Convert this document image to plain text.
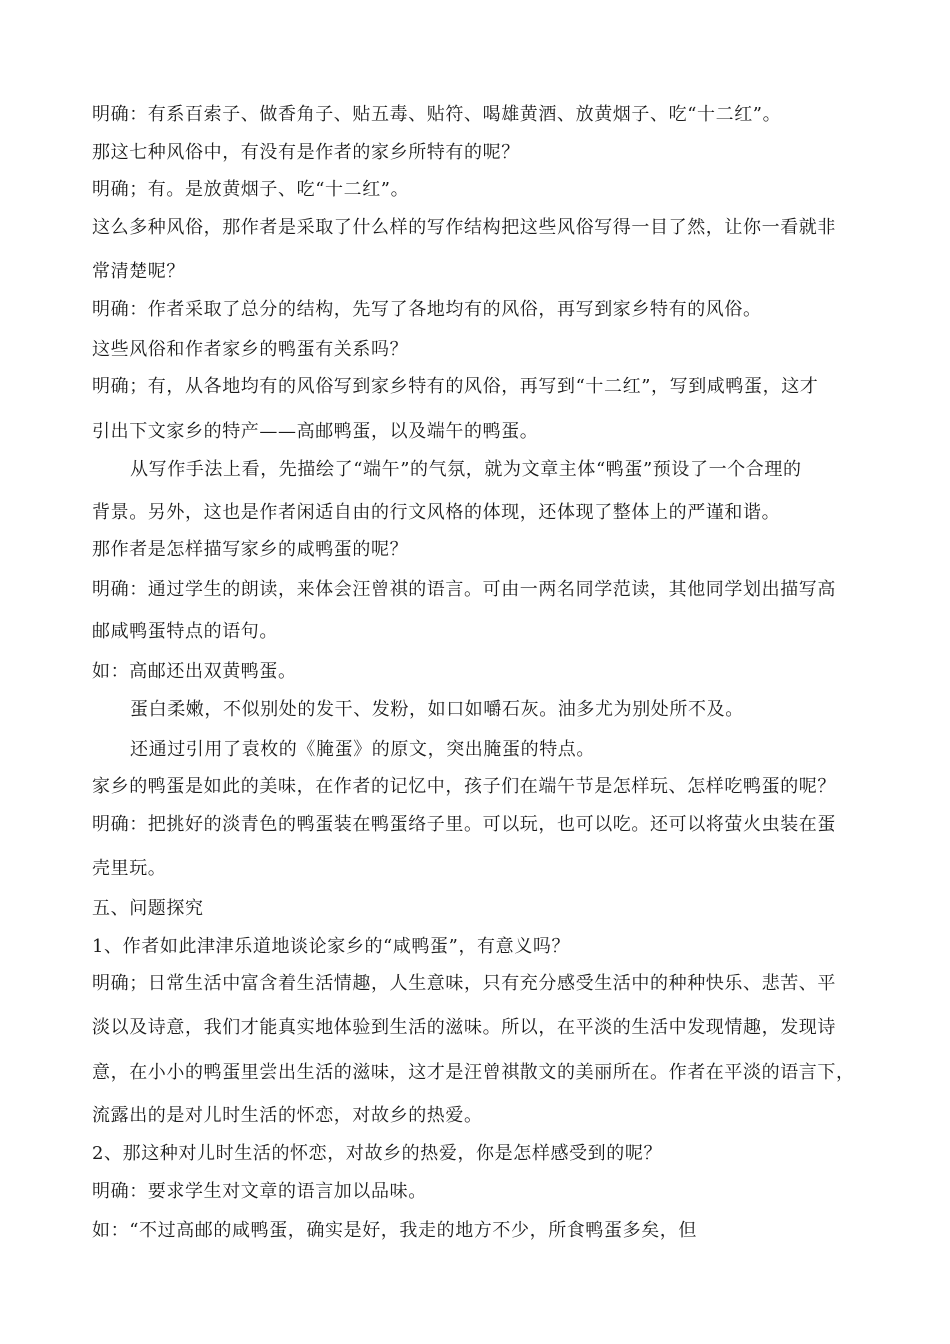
明确：有系百索子、做香角子、贴五毒、贴符、喝雄黄酒、放黄烟子、吃“十二红”。
那这七种风俗中，有没有是作者的家乡所特有的呢？
明确；有。是放黄烟子、吃“十二红”。
这么多种风俗，那作者是采取了什么样的写作结构把这些风俗写得一目了然，让你一看就非
常清楚呢？
明确：作者采取了总分的结构，先写了各地均有的风俗，再写到家乡特有的风俗。
这些风俗和作者家乡的鸭蛋有关系吗？
明确；有，从各地均有的风俗写到家乡特有的风俗，再写到“十二红”，写到咸鸭蛋，这才
引出下文家乡的特产——高邮鸭蛋，以及端午的鸭蛋。
从写作手法上看，先描绘了“端午”的气氛，就为文章主体“鸭蛋”预设了一个合理的
背景。另外，这也是作者闲适自由的行文风格的体现，还体现了整体上的严谨和谐。
那作者是怎样描写家乡的咸鸭蛋的呢？
明确：通过学生的朗读，来体会汪曾祺的语言。可由一两名同学范读，其他同学划出描写高
邮咸鸭蛋特点的语句。
如：高邮还出双黄鸭蛋。
蛋白柔嫩，不似别处的发干、发粉，如口如嚼石灰。油多尤为别处所不及。
还通过引用了袁枚的《腌蛋》的原文，突出腌蛋的特点。
家乡的鸭蛋是如此的美味，在作者的记忆中，孩子们在端午节是怎样玩、怎样吃鸭蛋的呢？
明确：把挑好的淡青色的鸭蛋装在鸭蛋络子里。可以玩，也可以吃。还可以将萤火虫装在蛋
壳里玩。
五、问题探究
1、作者如此津津乐道地谈论家乡的“咸鸭蛋”，有意义吗？
明确；日常生活中富含着生活情趣，人生意味，只有充分感受生活中的种种快乐、悲苦、平
淡以及诗意，我们才能真实地体验到生活的滋味。所以，在平淡的生活中发现情趣，发现诗
意，在小小的鸭蛋里尝出生活的滋味，这才是汪曾祺散文的美丽所在。作者在平淡的语言下，
流露出的是对儿时生活的怀恋，对故乡的热爱。
2、那这种对儿时生活的怀恋，对故乡的热爱，你是怎样感受到的呢？
明确：要求学生对文章的语言加以品味。
如：“不过高邮的咸鸭蛋，确实是好，我走的地方不少，所食鸭蛋多矣，但
